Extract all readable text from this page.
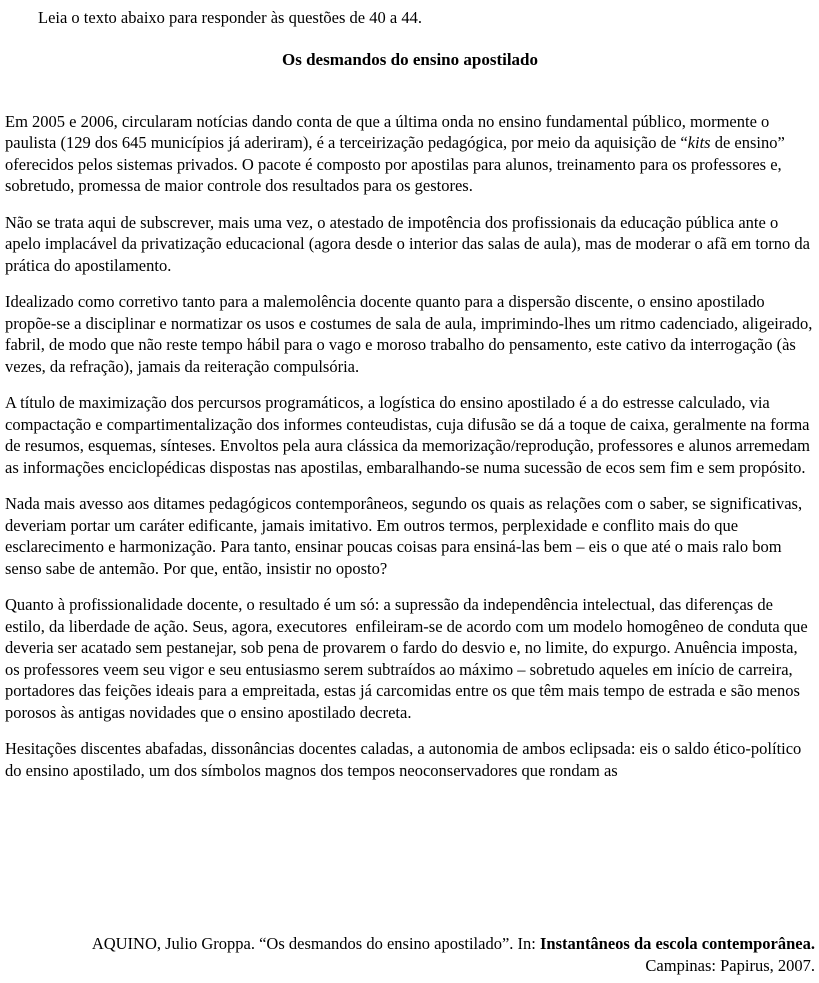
Leia o texto abaixo para responder às questões de 40 a 44.

Os desmandos do ensino apostilado

Em 2005 e 2006, circularam notícias dando conta de que a última onda no ensino fundamental público, mormente o paulista (129 dos 645 municípios já aderiram), é a terceirização pedagógica, por meio da aquisição de “kits de ensino” oferecidos pelos sistemas privados. O pacote é composto por apostilas para alunos, treinamento para os professores e, sobretudo, promessa de maior controle dos resultados para os gestores.

Não se trata aqui de subscrever, mais uma vez, o atestado de impotência dos profissionais da educação pública ante o apelo implacável da privatização educacional (agora desde o interior das salas de aula), mas de moderar o afã em torno da prática do apostilamento.

Idealizado como corretivo tanto para a malemolência docente quanto para a dispersão discente, o ensino apostilado propõe-se a disciplinar e normatizar os usos e costumes de sala de aula, imprimindo-lhes um ritmo cadenciado, aligeirado, fabril, de modo que não reste tempo hábil para o vago e moroso trabalho do pensamento, este cativo da interrogação (às vezes, da refração), jamais da reiteração compulsória.

A título de maximização dos percursos programáticos, a logística do ensino apostilado é a do estresse calculado, via compactação e compartimentalização dos informes conteudistas, cuja difusão se dá a toque de caixa, geralmente na forma de resumos, esquemas, sínteses. Envoltos pela aura clássica da memorização/reprodução, professores e alunos arremedam as informações enciclopédicas dispostas nas apostilas, embaralhando-se numa sucessão de ecos sem fim e sem propósito.

Nada mais avesso aos ditames pedagógicos contemporâneos, segundo os quais as relações com o saber, se significativas, deveriam portar um caráter edificante, jamais imitativo. Em outros termos, perplexidade e conflito mais do que esclarecimento e harmonização. Para tanto, ensinar poucas coisas para ensiná-las bem – eis o que até o mais ralo bom senso sabe de antemão. Por que, então, insistir no oposto?

Quanto à profissionalidade docente, o resultado é um só: a supressão da independência intelectual, das diferenças de estilo, da liberdade de ação. Seus, agora, executores  enfileiram-se de acordo com um modelo homogêneo de conduta que deveria ser acatado sem pestanejar, sob pena de provarem o fardo do desvio e, no limite, do expurgo. Anuência imposta, os professores veem seu vigor e seu entusiasmo serem subtraídos ao máximo – sobretudo aqueles em início de carreira, portadores das feições ideais para a empreitada, estas já carcomidas entre os que têm mais tempo de estrada e são menos porosos às antigas novidades que o ensino apostilado decreta.

Hesitações discentes abafadas, dissonâncias docentes caladas, a autonomia de ambos eclipsada: eis o saldo ético-político do ensino apostilado, um dos símbolos magnos dos tempos neoconservadores que rondam as

AQUINO, Julio Groppa. “Os desmandos do ensino apostilado”. In: Instantâneos da escola contemporânea.

Campinas: Papirus, 2007.
